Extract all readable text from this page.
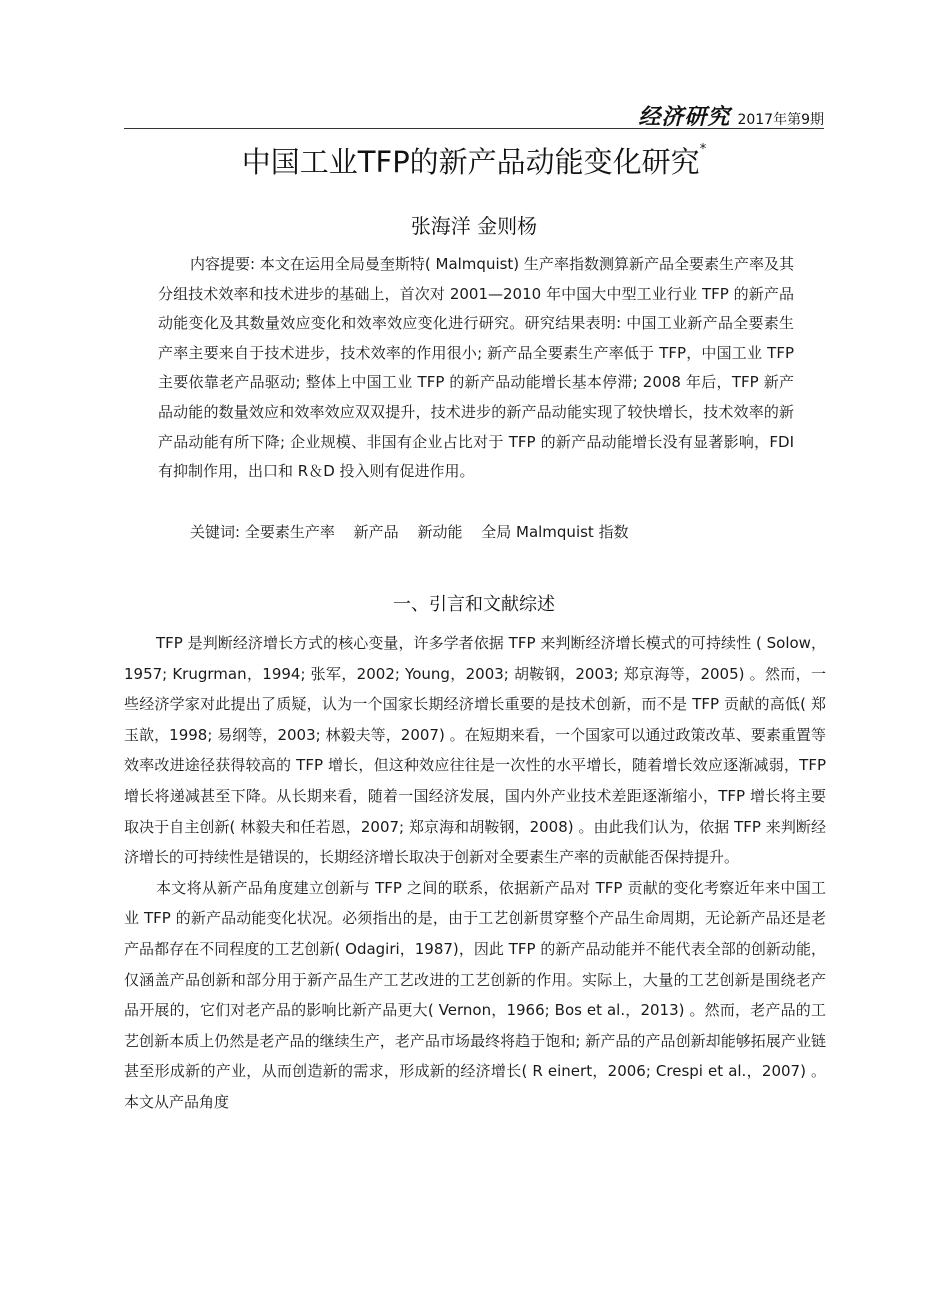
经济研究 2017年第9期
中国工业TFP的新产品动能变化研究*
张海洋 金则杨

内容提要: 本文在运用全局曼奎斯特( Malmquist) 生产率指数测算新产品全要素生产率及其分组技术效率和技术进步的基础上，首次对 2001—2010 年中国大中型工业行业 TFP 的新产品动能变化及其数量效应变化和效率效应变化进行研究。研究结果表明: 中国工业新产品全要素生产率主要来自于技术进步，技术效率的作用很小; 新产品全要素生产率低于 TFP，中国工业 TFP 主要依靠老产品驱动; 整体上中国工业 TFP 的新产品动能增长基本停滞; 2008 年后，TFP 新产品动能的数量效应和效率效应双双提升，技术进步的新产品动能实现了较快增长，技术效率的新产品动能有所下降; 企业规模、非国有企业占比对于 TFP 的新产品动能增长没有显著影响，FDI 有抑制作用，出口和 R＆D 投入则有促进作用。

关键词: 全要素生产率 新产品 新动能 全局 Malmquist 指数
一、引言和文献综述

TFP 是判断经济增长方式的核心变量，许多学者依据 TFP 来判断经济增长模式的可持续性 ( Solow，1957; Krugrman，1994; 张军，2002; Young，2003; 胡鞍钢，2003; 郑京海等，2005) 。然而，一些经济学家对此提出了质疑，认为一个国家长期经济增长重要的是技术创新，而不是 TFP 贡献的高低( 郑玉歆，1998; 易纲等，2003; 林毅夫等，2007) 。在短期来看，一个国家可以通过政策改革、要素重置等效率改进途径获得较高的 TFP 增长，但这种效应往往是一次性的水平增长，随着增长效应逐渐减弱，TFP 增长将递减甚至下降。从长期来看，随着一国经济发展，国内外产业技术差距逐渐缩小，TFP 增长将主要取决于自主创新( 林毅夫和任若恩，2007; 郑京海和胡鞍钢，2008) 。由此我们认为，依据 TFP 来判断经济增长的可持续性是错误的，长期经济增长取决于创新对全要素生产率的贡献能否保持提升。

本文将从新产品角度建立创新与 TFP 之间的联系，依据新产品对 TFP 贡献的变化考察近年来中国工业 TFP 的新产品动能变化状况。必须指出的是，由于工艺创新贯穿整个产品生命周期，无论新产品还是老产品都存在不同程度的工艺创新( Odagiri，1987)，因此 TFP 的新产品动能并不能代表全部的创新动能，仅涵盖产品创新和部分用于新产品生产工艺改进的工艺创新的作用。实际上，大量的工艺创新是围绕老产品开展的，它们对老产品的影响比新产品更大( Vernon，1966; Bos et al.，2013) 。然而，老产品的工艺创新本质上仍然是老产品的继续生产，老产品市场最终将趋于饱和; 新产品的产品创新却能够拓展产业链甚至形成新的产业，从而创造新的需求，形成新的经济增长( R einert，2006; Crespi et al.，2007) 。本文从产品角度
